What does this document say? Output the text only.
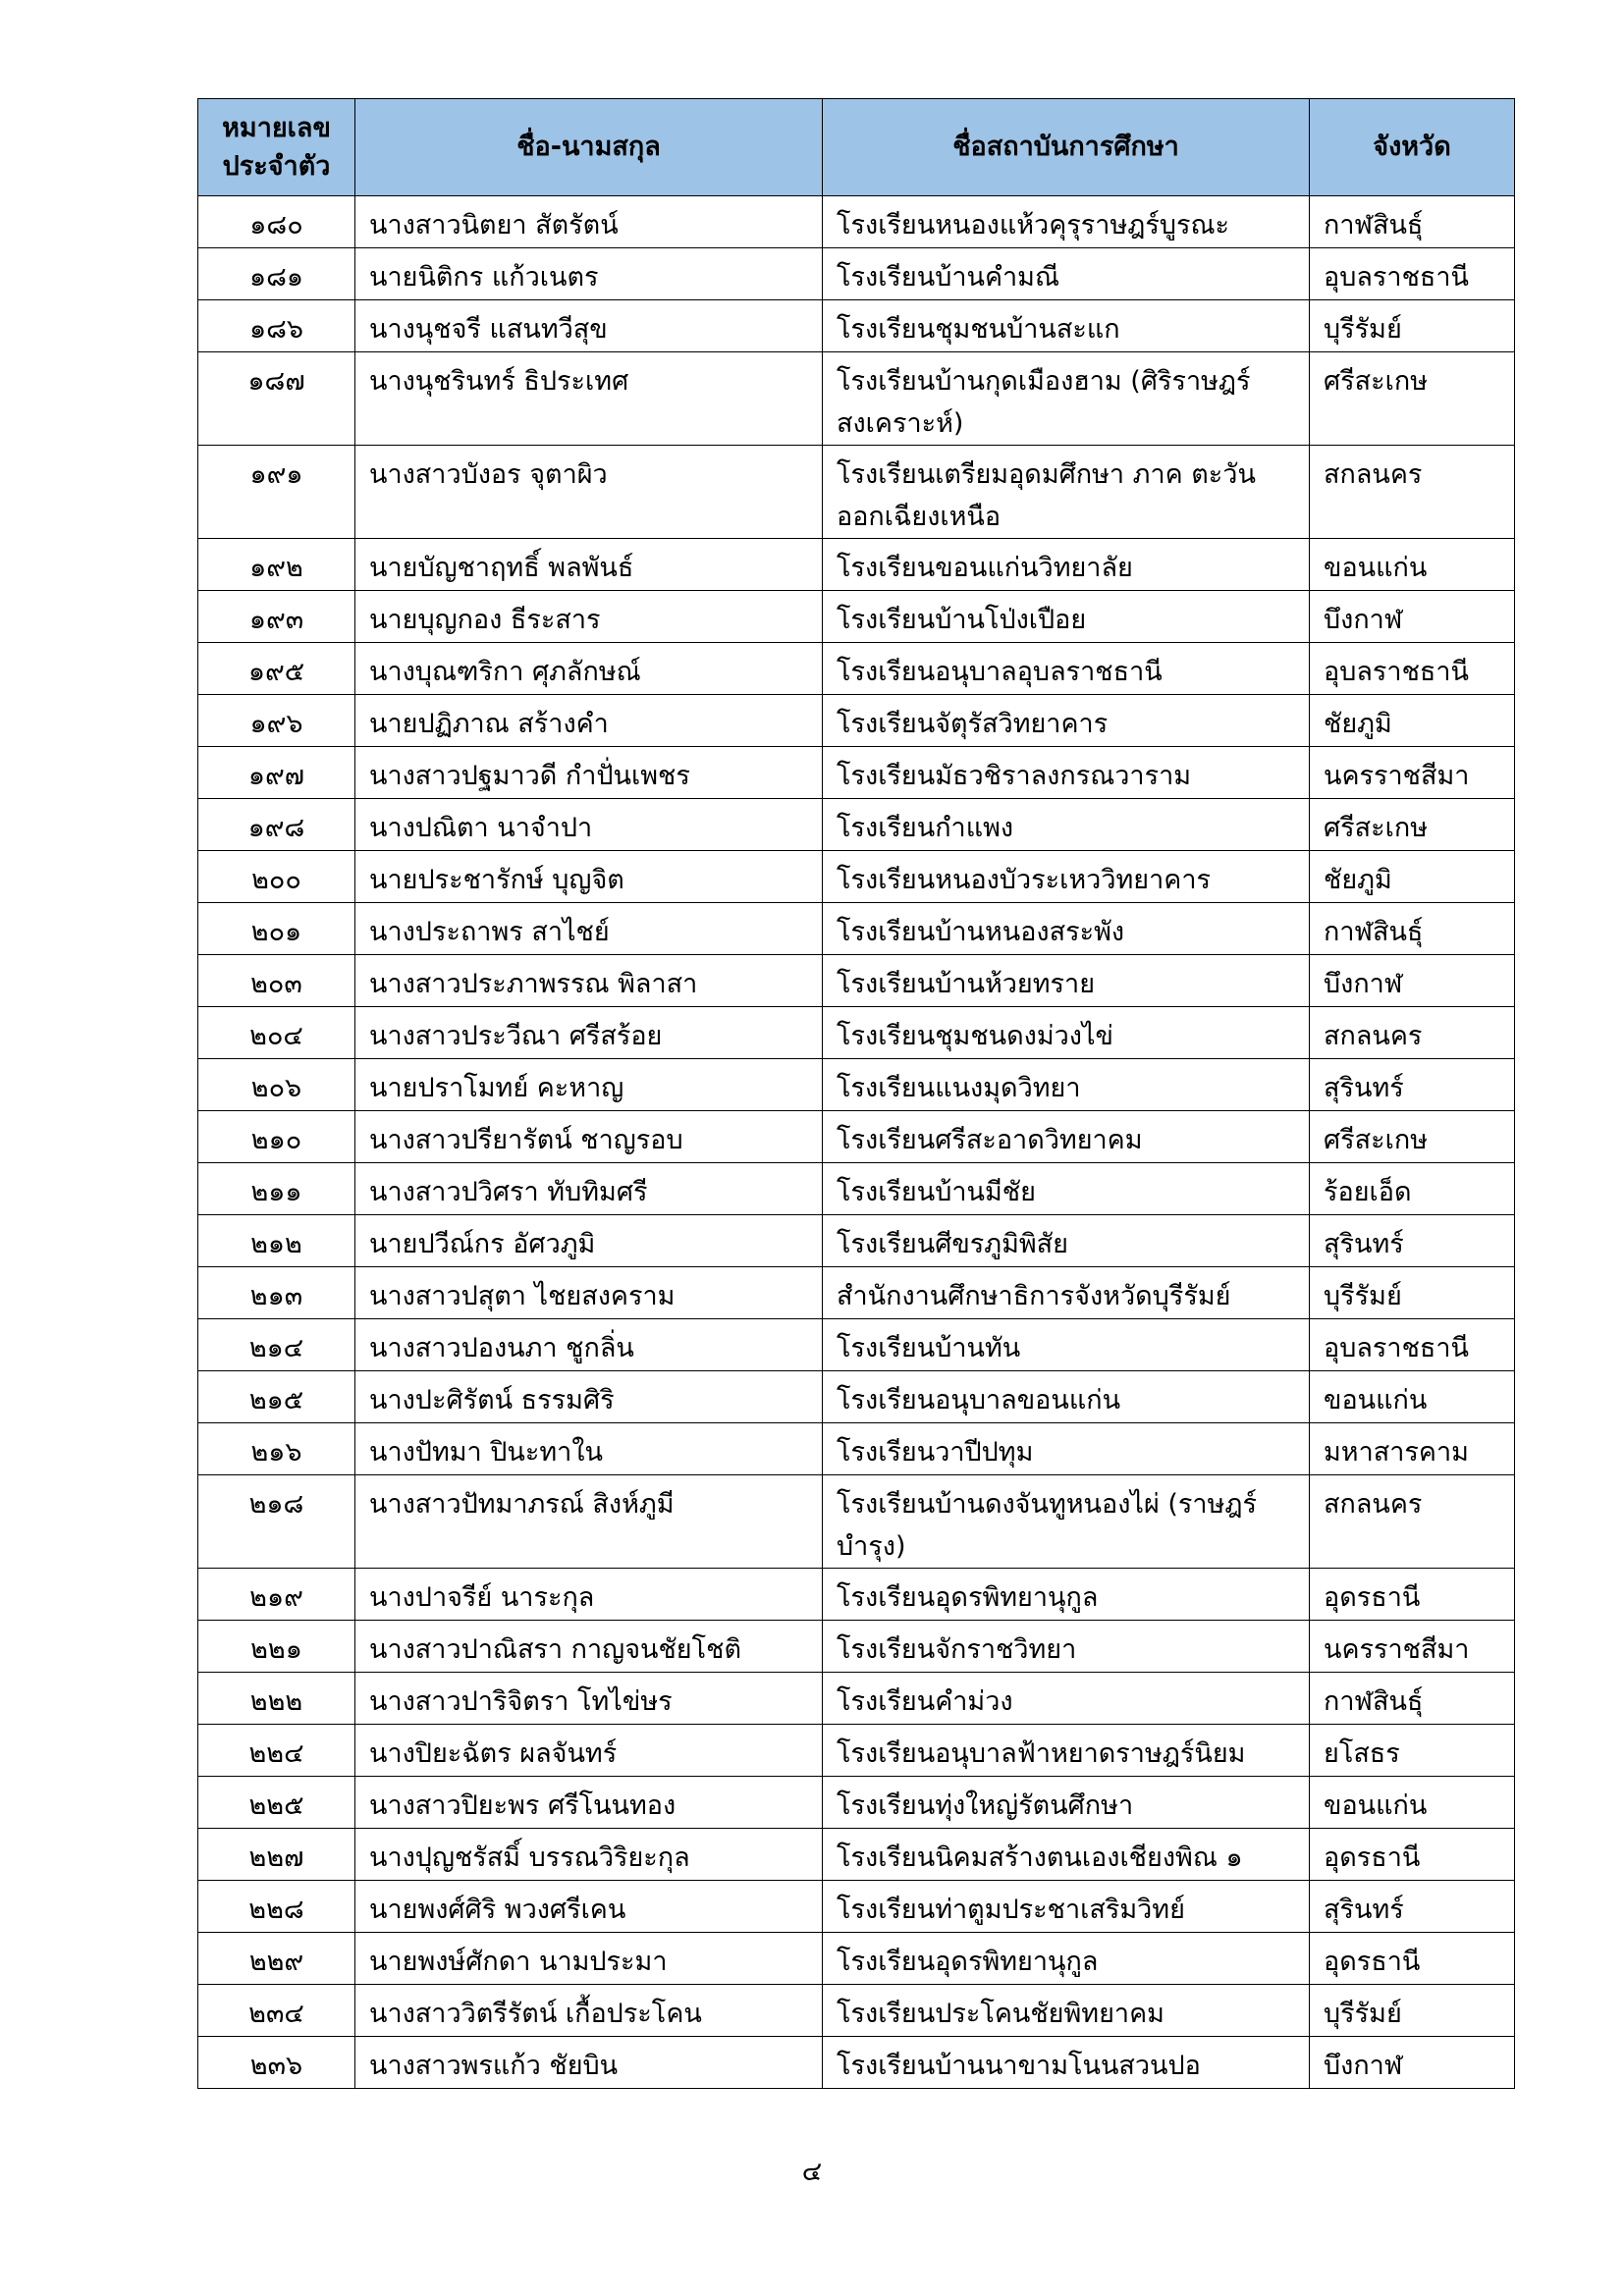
หมายเลข ประจำตัว	ชื่อ-นามสกุล	ชื่อสถาบันการศึกษา	จังหวัด
๑๘๐	นางสาวนิตยา สัตรัตน์	โรงเรียนหนองแห้วคุรุราษฎร์บูรณะ	กาฬสินธุ์
๑๘๑	นายนิติกร แก้วเนตร	โรงเรียนบ้านคำมณี	อุบลราชธานี
๑๘๖	นางนุชจรี แสนทวีสุข	โรงเรียนชุมชนบ้านสะแก	บุรีรัมย์
๑๘๗	นางนุชรินทร์ ธิประเทศ	โรงเรียนบ้านกุดเมืองฮาม (ศิริราษฎร์สงเคราะห์)	ศรีสะเกษ
๑๙๑	นางสาวบังอร จุตาผิว	โรงเรียนเตรียมอุดมศึกษา ภาค ตะวันออกเฉียงเหนือ	สกลนคร
๑๙๒	นายบัญชาฤทธิ์ พลพันธ์	โรงเรียนขอนแก่นวิทยาลัย	ขอนแก่น
๑๙๓	นายบุญกอง ธีระสาร	โรงเรียนบ้านโป่งเปือย	บึงกาฬ
๑๙๕	นางบุณฑริกา ศุภลักษณ์	โรงเรียนอนุบาลอุบลราชธานี	อุบลราชธานี
๑๙๖	นายปฏิภาณ สร้างคำ	โรงเรียนจัตุรัสวิทยาคาร	ชัยภูมิ
๑๙๗	นางสาวปฐมาวดี กำปั่นเพชร	โรงเรียนมัธวชิราลงกรณวาราม	นครราชสีมา
๑๙๘	นางปณิตา นาจำปา	โรงเรียนกำแพง	ศรีสะเกษ
๒๐๐	นายประชารักษ์ บุญจิต	โรงเรียนหนองบัวระเหววิทยาคาร	ชัยภูมิ
๒๐๑	นางประถาพร สาไชย์	โรงเรียนบ้านหนองสระพัง	กาฬสินธุ์
๒๐๓	นางสาวประภาพรรณ พิลาสา	โรงเรียนบ้านห้วยทราย	บึงกาฬ
๒๐๔	นางสาวประวีณา ศรีสร้อย	โรงเรียนชุมชนดงม่วงไข่	สกลนคร
๒๐๖	นายปราโมทย์ คะหาญ	โรงเรียนแนงมุดวิทยา	สุรินทร์
๒๑๐	นางสาวปรียารัตน์ ชาญรอบ	โรงเรียนศรีสะอาดวิทยาคม	ศรีสะเกษ
๒๑๑	นางสาวปวิศรา ทับทิมศรี	โรงเรียนบ้านมีชัย	ร้อยเอ็ด
๒๑๒	นายปวีณ์กร อัศวภูมิ	โรงเรียนศีขรภูมิพิสัย	สุรินทร์
๒๑๓	นางสาวปสุตา ไชยสงคราม	สำนักงานศึกษาธิการจังหวัดบุรีรัมย์	บุรีรัมย์
๒๑๔	นางสาวปองนภา ชูกลิ่น	โรงเรียนบ้านทัน	อุบลราชธานี
๒๑๕	นางปะศิรัตน์ ธรรมศิริ	โรงเรียนอนุบาลขอนแก่น	ขอนแก่น
๒๑๖	นางปัทมา ปินะทาใน	โรงเรียนวาปีปทุม	มหาสารคาม
๒๑๘	นางสาวปัทมาภรณ์ สิงห์ภูมี	โรงเรียนบ้านดงจันทูหนองไผ่ (ราษฎร์บำรุง)	สกลนคร
๒๑๙	นางปาจรีย์ นาระกุล	โรงเรียนอุดรพิทยานุกูล	อุดรธานี
๒๒๑	นางสาวปาณิสรา กาญจนชัยโชติ	โรงเรียนจักราชวิทยา	นครราชสีมา
๒๒๒	นางสาวปาริจิตรา โทไข่ษร	โรงเรียนคำม่วง	กาฬสินธุ์
๒๒๔	นางปิยะฉัตร ผลจันทร์	โรงเรียนอนุบาลฟ้าหยาดราษฎร์นิยม	ยโสธร
๒๒๕	นางสาวปิยะพร ศรีโนนทอง	โรงเรียนทุ่งใหญ่รัตนศึกษา	ขอนแก่น
๒๒๗	นางปุญชรัสมิ์ บรรณวิริยะกุล	โรงเรียนนิคมสร้างตนเองเชียงพิณ ๑	อุดรธานี
๒๒๘	นายพงศ์ศิริ พวงศรีเคน	โรงเรียนท่าตูมประชาเสริมวิทย์	สุรินทร์
๒๒๙	นายพงษ์ศักดา นามประมา	โรงเรียนอุดรพิทยานุกูล	อุดรธานี
๒๓๔	นางสาววิตรีรัตน์ เกื้อประโคน	โรงเรียนประโคนชัยพิทยาคม	บุรีรัมย์
๒๓๖	นางสาวพรแก้ว ชัยบิน	โรงเรียนบ้านนาขามโนนสวนปอ	บึงกาฬ
๔
